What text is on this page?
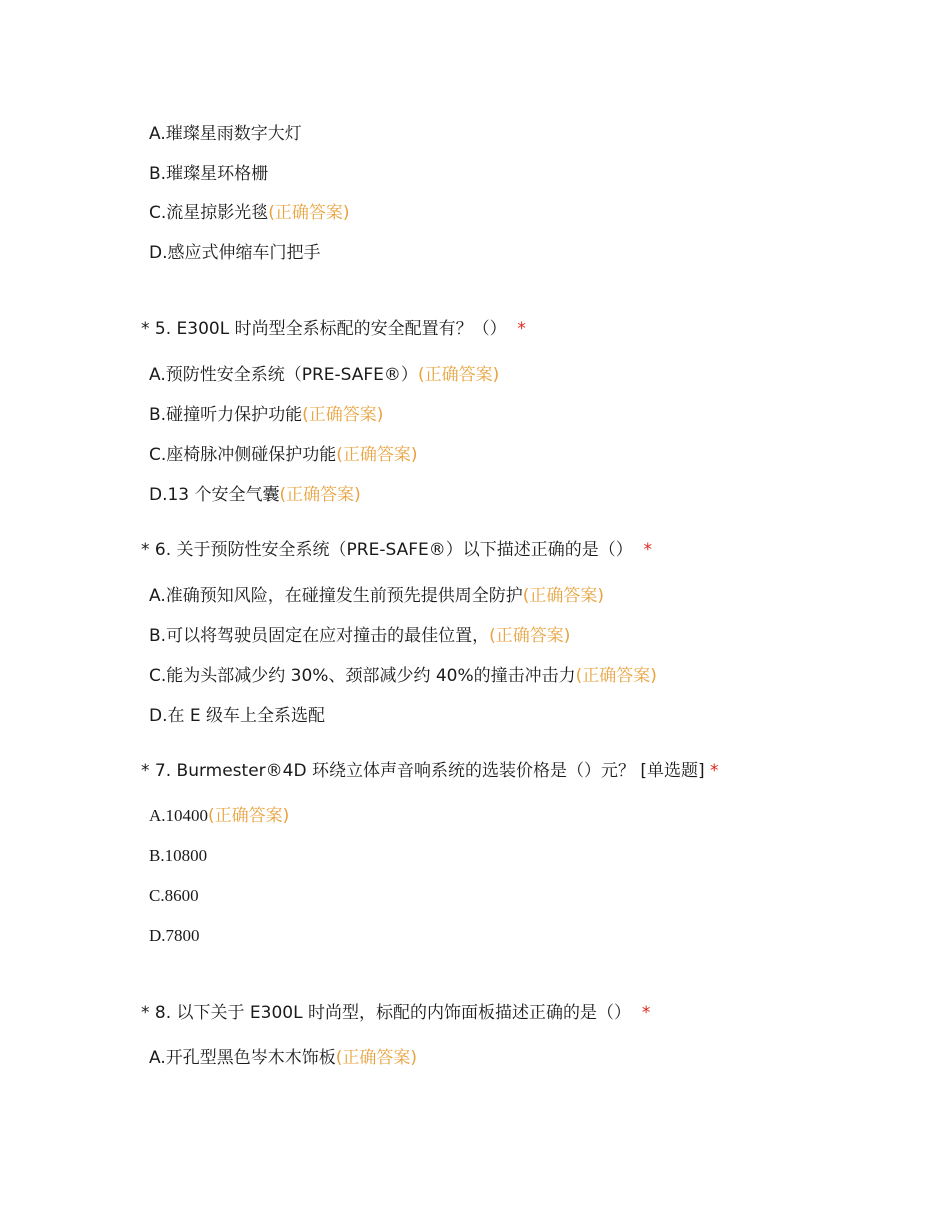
A.璀璨星雨数字大灯
B.璀璨星环格栅
C.流星掠影光毯(正确答案)
D.感应式伸缩车门把手
* 5. E300L 时尚型全系标配的安全配置有？（） *
A.预防性安全系统（PRE-SAFE®）(正确答案)
B.碰撞听力保护功能(正确答案)
C.座椅脉冲侧碰保护功能(正确答案)
D.13 个安全气囊(正确答案)
* 6. 关于预防性安全系统（PRE-SAFE®）以下描述正确的是（） *
A.准确预知风险，在碰撞发生前预先提供周全防护(正确答案)
B.可以将驾驶员固定在应对撞击的最佳位置，(正确答案)
C.能为头部减少约 30%、颈部减少约 40%的撞击冲击力(正确答案)
D.在 E 级车上全系选配
* 7. Burmester®4D 环绕立体声音响系统的选装价格是（）元？ [单选题] *
A.10400(正确答案)
B.10800
C.8600
D.7800
* 8. 以下关于 E300L 时尚型，标配的内饰面板描述正确的是（） *
A.开孔型黑色岑木木饰板(正确答案)
